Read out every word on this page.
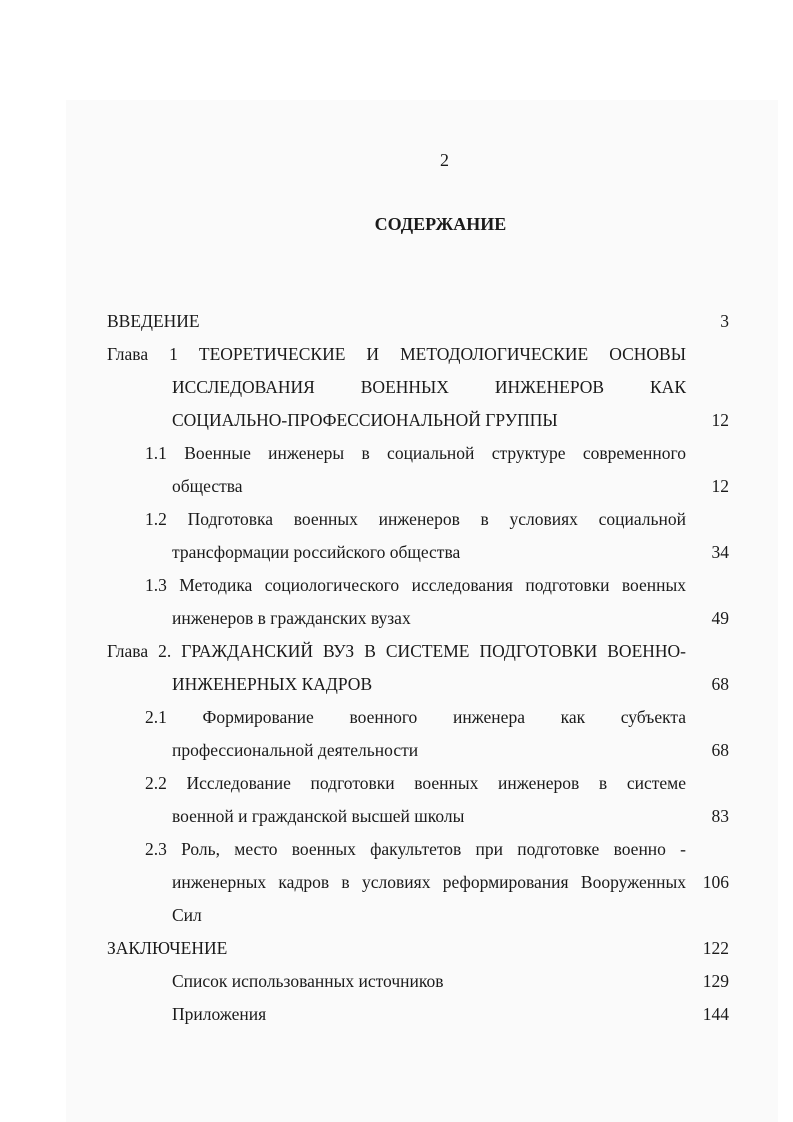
2
СОДЕРЖАНИЕ
ВВЕДЕНИЕ	3
Глава 1 ТЕОРЕТИЧЕСКИЕ И МЕТОДОЛОГИЧЕСКИЕ ОСНОВЫ
ИССЛЕДОВАНИЯ ВОЕННЫХ ИНЖЕНЕРОВ КАК
СОЦИАЛЬНО-ПРОФЕССИОНАЛЬНОЙ ГРУППЫ	12
1.1 Военные инженеры в социальной структуре современного
общества	12
1.2 Подготовка военных инженеров в условиях социальной
трансформации российского общества	34
1.3 Методика социологического исследования подготовки военных
инженеров в гражданских вузах	49
Глава 2. ГРАЖДАНСКИЙ ВУЗ В СИСТЕМЕ ПОДГОТОВКИ ВОЕННО-
ИНЖЕНЕРНЫХ КАДРОВ	68
2.1 Формирование военного инженера как субъекта
профессиональной деятельности	68
2.2 Исследование подготовки военных инженеров в системе
военной и гражданской высшей школы	83
2.3 Роль, место военных факультетов при подготовке военно -
инженерных кадров в условиях реформирования Вооруженных 106
Сил
ЗАКЛЮЧЕНИЕ	122
Список использованных источников	129
Приложения	144
